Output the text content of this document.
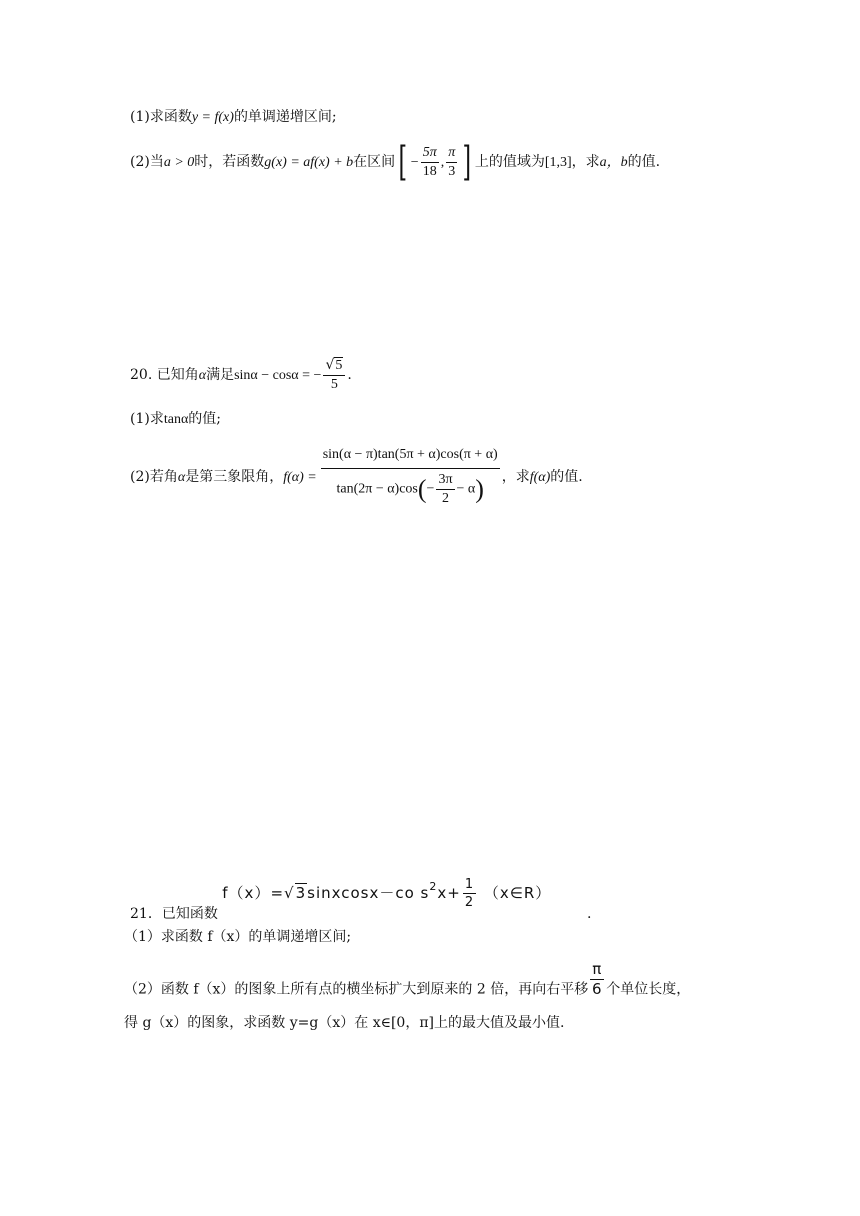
(1)求函数y = f(x)的单调递增区间;
(2)当a > 0时，若函数g(x) = af(x) + b在区间[ − $\frac{5\pi}{18}$ , $\frac{\pi}{3}$ ] 上的值域为[1,3]，求a，b的值.
20. 已知角α满足sinα − cosα = − $\frac{√5}{5}$ .
(1)求tanα的值;
(2)若角α是第三象限角，$f(\alpha) = \frac{\sin(\alpha - \pi)\tan(5\pi + \alpha)\cos(\pi + \alpha)}{\tan(2\pi - \alpha)\cos(- \frac{3\pi}{2} - \alpha)}$ ，求f(α)的值.
21．已知函数 f（x）=√3sinxcosx－co $s^2x+ \frac{1}{2}$ （x∈R） .
（1）求函数 f（x）的单调递增区间;
（2）函数 f（x）的图象上所有点的横坐标扩大到原来的 2 倍，再向右平移 $\frac{\pi}{6}$ 个单位长度，
得 g（x）的图象，求函数 y=g（x）在 x∈[0，π]上的最大值及最小值.
